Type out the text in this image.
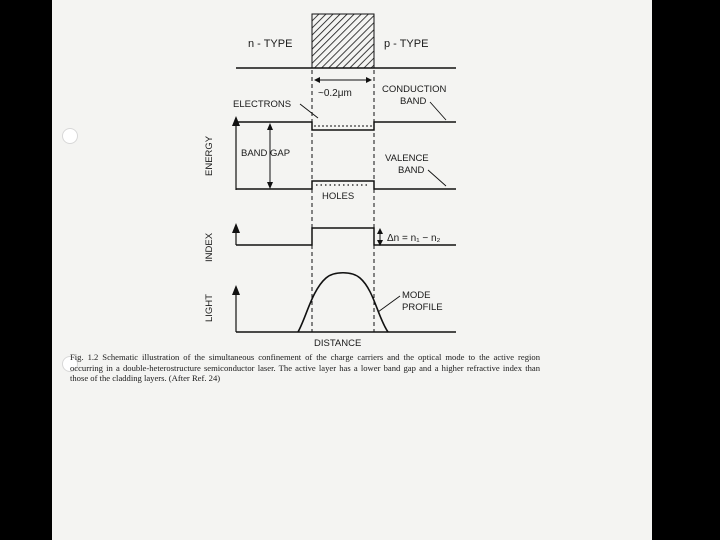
n - TYPE	p - TYPE
~0.2μm
ENERGY
ELECTRONS
CONDUCTION
BAND
BAND GAP
HOLES
VALENCE
BAND
INDEX	Δn = n₁ − n₂
LIGHT	MODE
PROFILE
DISTANCE
Fig. 1.2 Schematic illustration of the simultaneous confinement of the charge carriers and the optical mode to the active region occurring in a double-heterostructure semiconductor laser. The active layer has a lower band gap and a higher refractive index than those of the cladding layers. (After Ref. 24)
